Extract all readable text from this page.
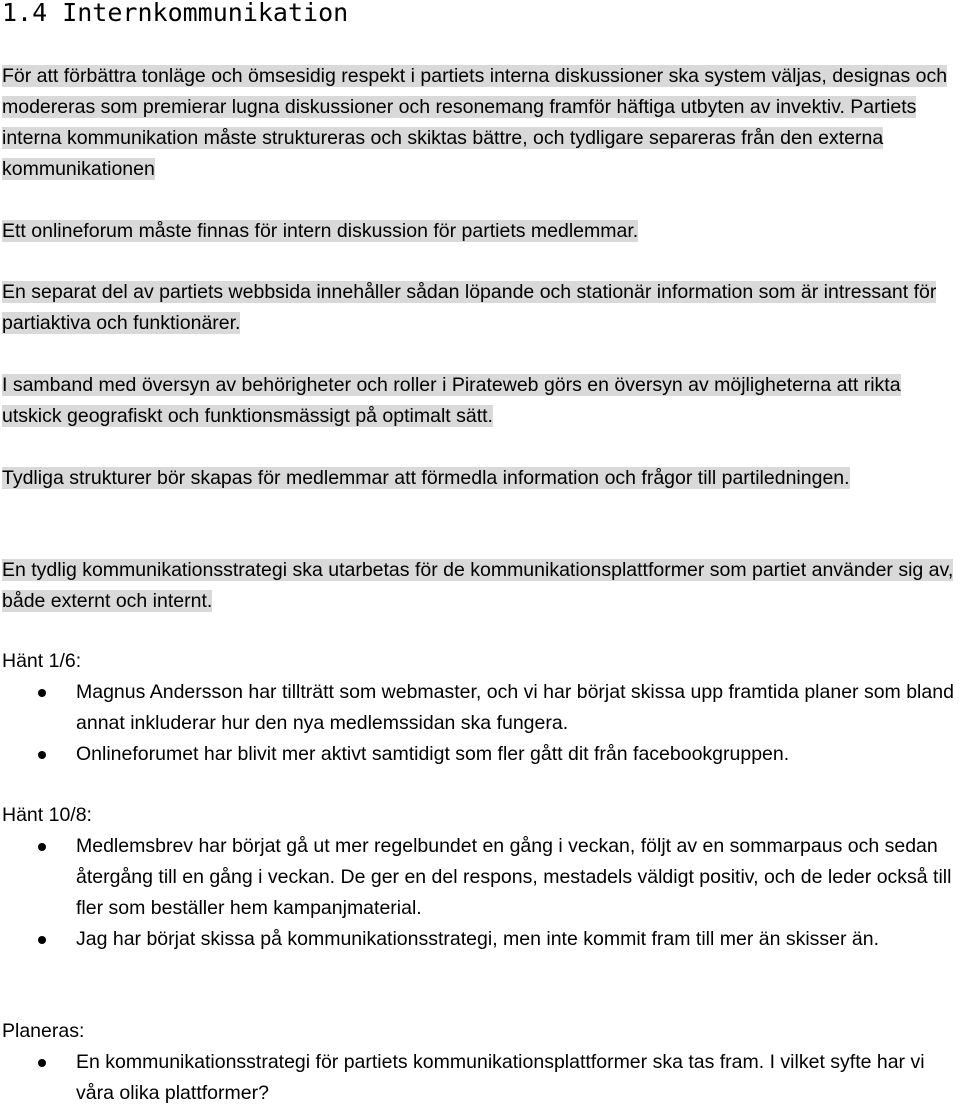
1.4 Internkommunikation

För att förbättra tonläge och ömsesidig respekt i partiets interna diskussioner ska system väljas, designas och modereras som premierar lugna diskussioner och resonemang framför häftiga utbyten av invektiv. Partiets interna kommunikation måste struktureras och skiktas bättre, och tydligare separeras från den externa kommunikationen

Ett onlineforum måste finnas för intern diskussion för partiets medlemmar.

En separat del av partiets webbsida innehåller sådan löpande och stationär information som är intressant för partiaktiva och funktionärer.

I samband med översyn av behörigheter och roller i Pirateweb görs en översyn av möjligheterna att rikta utskick geografiskt och funktionsmässigt på optimalt sätt.

Tydliga strukturer bör skapas för medlemmar att förmedla information och frågor till partiledningen.

En tydlig kommunikationsstrategi ska utarbetas för de kommunikationsplattformer som partiet använder sig av, både externt och internt.

Hänt 1/6:
Magnus Andersson har tillträtt som webmaster, och vi har börjat skissa upp framtida planer som bland annat inkluderar hur den nya medlemssidan ska fungera.
Onlineforumet har blivit mer aktivt samtidigt som fler gått dit från facebookgruppen.
Hänt 10/8:
Medlemsbrev har börjat gå ut mer regelbundet en gång i veckan, följt av en sommarpaus och sedan återgång till en gång i veckan. De ger en del respons, mestadels väldigt positiv, och de leder också till fler som beställer hem kampanjmaterial.
Jag har börjat skissa på kommunikationsstrategi, men inte kommit fram till mer än skisser än.
Planeras:
En kommunikationsstrategi för partiets kommunikationsplattformer ska tas fram. I vilket syfte har vi våra olika plattformer?
